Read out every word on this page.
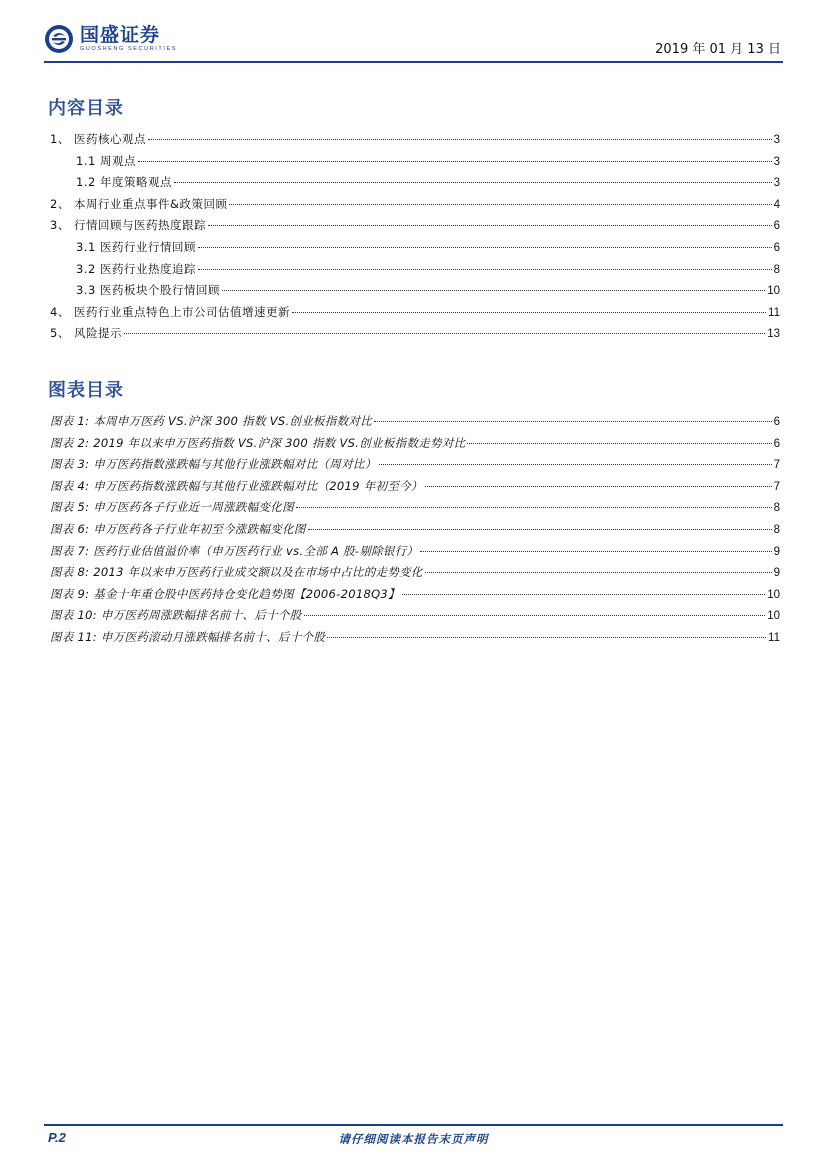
国盛证券
GUOSHENG SECURITIES	2019 年 01 月 13 日
内容目录
1、 医药核心观点	3
1.1 周观点	3
1.2 年度策略观点	3
2、 本周行业重点事件&政策回顾	4
3、 行情回顾与医药热度跟踪	6
3.1 医药行业行情回顾	6
3.2 医药行业热度追踪	8
3.3 医药板块个股行情回顾	10
4、 医药行业重点特色上市公司估值增速更新	11
5、 风险提示	13
图表目录
图表 1: 本周申万医药 VS.沪深 300 指数 VS.创业板指数对比	6
图表 2: 2019 年以来申万医药指数 VS.沪深 300 指数 VS.创业板指数走势对比	6
图表 3: 申万医药指数涨跌幅与其他行业涨跌幅对比（周对比）	7
图表 4: 申万医药指数涨跌幅与其他行业涨跌幅对比（2019 年初至今）	7
图表 5: 申万医药各子行业近一周涨跌幅变化图	8
图表 6: 申万医药各子行业年初至今涨跌幅变化图	8
图表 7: 医药行业估值溢价率（申万医药行业 vs.全部 A 股-剔除银行）	9
图表 8: 2013 年以来申万医药行业成交额以及在市场中占比的走势变化	9
图表 9: 基金十年重仓股中医药持仓变化趋势图【2006-2018Q3】	10
图表 10: 申万医药周涨跌幅排名前十、后十个股	10
图表 11: 申万医药滚动月涨跌幅排名前十、后十个股	11
P.2	请仔细阅读本报告末页声明
